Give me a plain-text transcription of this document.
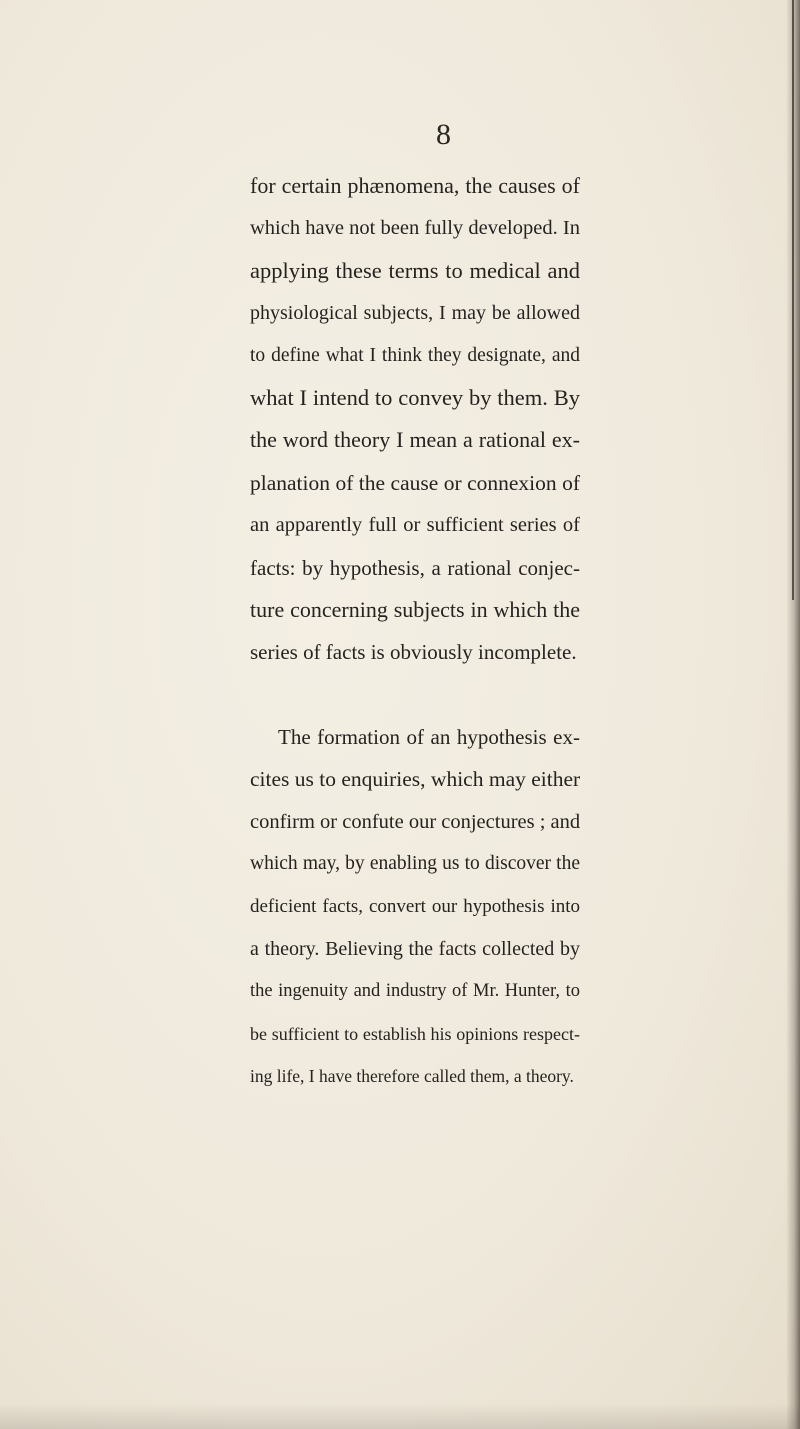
8
for certain phænomena, the causes of
which have not been fully developed. In
applying these terms to medical and
physiological subjects, I may be allowed
to define what I think they designate, and
what I intend to convey by them. By
the word theory I mean a rational ex-
planation of the cause or connexion of
an apparently full or sufficient series of
facts: by hypothesis, a rational conjec-
ture concerning subjects in which the
series of facts is obviously incomplete.
The formation of an hypothesis ex-
cites us to enquiries, which may either
confirm or confute our conjectures ; and
which may, by enabling us to discover the
deficient facts, convert our hypothesis into
a theory. Believing the facts collected by
the ingenuity and industry of Mr. Hunter, to
be sufficient to establish his opinions respect-
ing life, I have therefore called them, a theory.
